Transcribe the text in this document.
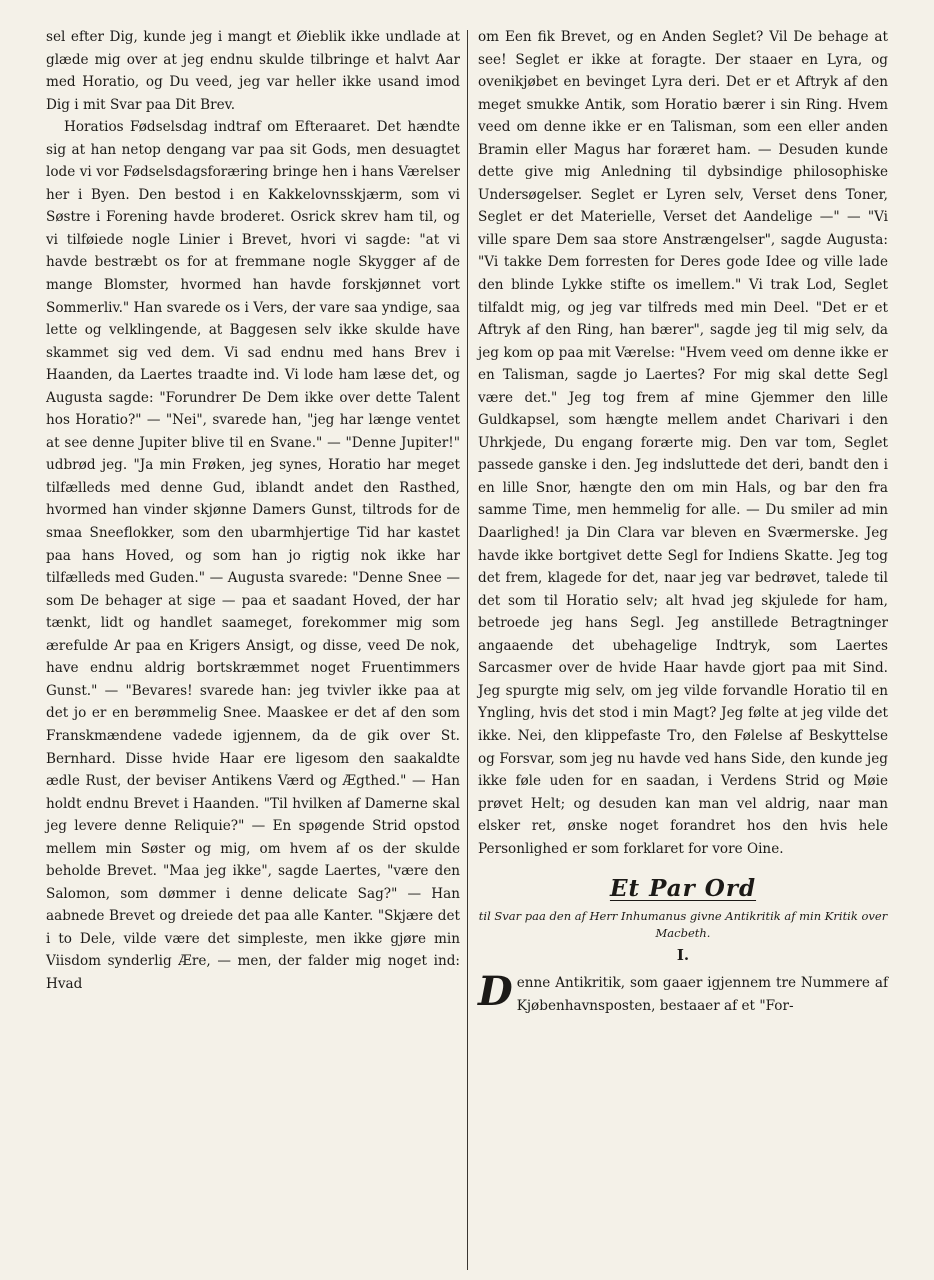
sel efter Dig, kunde jeg i mangt et Øieblik ikke undlade at glæde mig over at jeg endnu skulde tilbringe et halvt Aar med Horatio, og Du veed, jeg var heller ikke usand imod Dig i mit Svar paa Dit Brev.

Horatios Fødselsdag indtraf om Efteraaret. Det hændte sig at han netop dengang var paa sit Gods, men desuagtet lode vi vor Fødselsdagsforæring bringe hen i hans Værelser her i Byen. Den bestod i en Kakkelovnsskjærm, som vi Søstre i Forening havde broderet. Osrick skrev ham til, og vi tilføiede nogle Linier i Brevet, hvori vi sagde: "at vi havde bestræbt os for at fremmane nogle Skygger af de mange Blomster, hvormed han havde forskjønnet vort Sommerliv." Han svarede os i Vers, der vare saa yndige, saa lette og velklingende, at Baggesen selv ikke skulde have skammet sig ved dem. Vi sad endnu med hans Brev i Haanden, da Laertes traadte ind. Vi lode ham læse det, og Augusta sagde: "Forundrer De Dem ikke over dette Talent hos Horatio?" — "Nei", svarede han, "jeg har længe ventet at see denne Jupiter blive til en Svane." — "Denne Jupiter!" udbrød jeg. "Ja min Frøken, jeg synes, Horatio har meget tilfælleds med denne Gud, iblandt andet den Rasthed, hvormed han vinder skjønne Damers Gunst, tiltrods for de smaa Sneeflokker, som den ubarmhjertige Tid har kastet paa hans Hoved, og som han jo rigtig nok ikke har tilfælleds med Guden." — Augusta svarede: "Denne Snee — som De behager at sige — paa et saadant Hoved, der har tænkt, lidt og handlet saameget, forekommer mig som ærefulde Ar paa en Krigers Ansigt, og disse, veed De nok, have endnu aldrig bortskræmmet noget Fruentimmers Gunst." — "Bevares! svarede han: jeg tvivler ikke paa at det jo er en berømmelig Snee. Maaskee er det af den som Franskmændene vadede igjennem, da de gik over St. Bernhard. Disse hvide Haar ere ligesom den saakaldte ædle Rust, der beviser Antikens Værd og Ægthed." — Han holdt endnu Brevet i Haanden. "Til hvilken af Damerne skal jeg levere denne Reliquie?" — En spøgende Strid opstod mellem min Søster og mig, om hvem af os der skulde beholde Brevet. "Maa jeg ikke", sagde Laertes, "være den Salomon, som dømmer i denne delicate Sag?" — Han aabnede Brevet og dreiede det paa alle Kanter. "Skjære det i to Dele, vilde være det simpleste, men ikke gjøre min Viisdom synderlig Ære, — men, der falder mig noget ind: Hvad

om Een fik Brevet, og en Anden Seglet? Vil De behage at see! Seglet er ikke at foragte. Der staaer en Lyra, og ovenikjøbet en bevinget Lyra deri. Det er et Aftryk af den meget smukke Antik, som Horatio bærer i sin Ring. Hvem veed om denne ikke er en Talisman, som een eller anden Bramin eller Magus har foræret ham. — Desuden kunde dette give mig Anledning til dybsindige philosophiske Undersøgelser. Seglet er Lyren selv, Verset dens Toner, Seglet er det Materielle, Verset det Aandelige —" — "Vi ville spare Dem saa store Anstrængelser", sagde Augusta: "Vi takke Dem forresten for Deres gode Idee og ville lade den blinde Lykke stifte os imellem." Vi trak Lod, Seglet tilfaldt mig, og jeg var tilfreds med min Deel. "Det er et Aftryk af den Ring, han bærer", sagde jeg til mig selv, da jeg kom op paa mit Værelse: "Hvem veed om denne ikke er en Talisman, sagde jo Laertes? For mig skal dette Segl være det." Jeg tog frem af mine Gjemmer den lille Guldkapsel, som hængte mellem andet Charivari i den Uhrkjede, Du engang forærte mig. Den var tom, Seglet passede ganske i den. Jeg indsluttede det deri, bandt den i en lille Snor, hængte den om min Hals, og bar den fra samme Time, men hemmelig for alle. — Du smiler ad min Daarlighed! ja Din Clara var bleven en Sværmerske. Jeg havde ikke bortgivet dette Segl for Indiens Skatte. Jeg tog det frem, klagede for det, naar jeg var bedrøvet, talede til det som til Horatio selv; alt hvad jeg skjulede for ham, betroede jeg hans Segl. Jeg anstillede Betragtninger angaaende det ubehagelige Indtryk, som Laertes Sarcasmer over de hvide Haar havde gjort paa mit Sind. Jeg spurgte mig selv, om jeg vilde forvandle Horatio til en Yngling, hvis det stod i min Magt? Jeg følte at jeg vilde det ikke. Nei, den klippefaste Tro, den Følelse af Beskyttelse og Forsvar, som jeg nu havde ved hans Side, den kunde jeg ikke føle uden for en saadan, i Verdens Strid og Møie prøvet Helt; og desuden kan man vel aldrig, naar man elsker ret, ønske noget forandret hos den hvis hele Personlighed er som forklaret for vore Oine.

Et Par Ord
til Svar paa den af Herr Inhumanus givne Antikritik af min Kritik over Macbeth.
I.

Denne Antikritik, som gaaer igjennem tre Nummere af Kjøbenhavnsposten, bestaaer af et "For-
